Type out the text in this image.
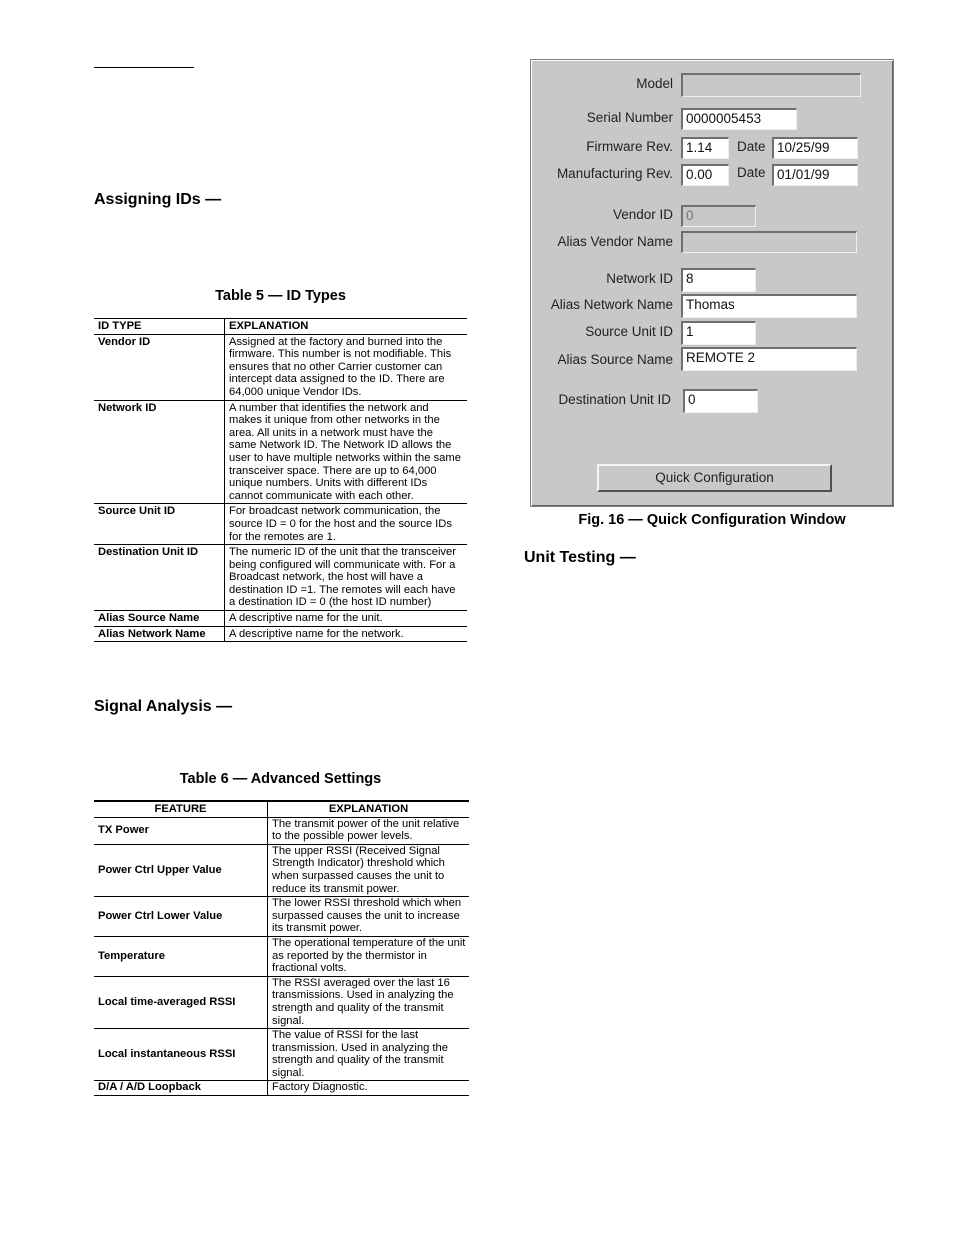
Assigning IDs —
Table 5 — ID Types
ID TYPE	EXPLANATION
Vendor ID	Assigned at the factory and burned into the firmware. This number is not modifiable. This ensures that no other Carrier customer can intercept data assigned to the ID. There are 64,000 unique Vendor IDs.
Network ID	A number that identifies the network and makes it unique from other networks in the area. All units in a network must have the same Network ID. The Network ID allows the user to have multiple networks within the same transceiver space. There are up to 64,000 unique numbers. Units with different IDs cannot communicate with each other.
Source Unit ID	For broadcast network communication, the source ID = 0 for the host and the source IDs for the remotes are 1.
Destination Unit ID	The numeric ID of the unit that the transceiver being configured will communicate with. For a Broadcast network, the host will have a destination ID =1. The remotes will each have a destination ID = 0 (the host ID number)
Alias Source Name	A descriptive name for the unit.
Alias Network Name	A descriptive name for the network.
Signal Analysis —
Table 6 — Advanced Settings
FEATURE	EXPLANATION
TX Power	The transmit power of the unit relative to the possible power levels.
Power Ctrl Upper Value	The upper RSSI (Received Signal Strength Indicator) threshold which when surpassed causes the unit to reduce its transmit power.
Power Ctrl Lower Value	The lower RSSI threshold which when surpassed causes the unit to increase its transmit power.
Temperature	The operational temperature of the unit as reported by the thermistor in fractional volts.
Local time-averaged RSSI	The RSSI averaged over the last 16 transmissions. Used in analyzing the strength and quality of the transmit signal.
Local instantaneous RSSI	The value of RSSI for the last transmission. Used in analyzing the strength and quality of the transmit signal.
D/A / A/D Loopback	Factory Diagnostic.
Model
Serial Number 0000005453
Firmware Rev. 1.14	Date 10/25/99
Manufacturing Rev. 0.00	Date 01/01/99
Vendor ID 0
Alias Vendor Name
Network ID 8
Alias Network Name Thomas
Source Unit ID 1
Alias Source Name REMOTE 2
Destination Unit ID	0
Quick Configuration
Fig. 16 — Quick Configuration Window
Unit Testing —
